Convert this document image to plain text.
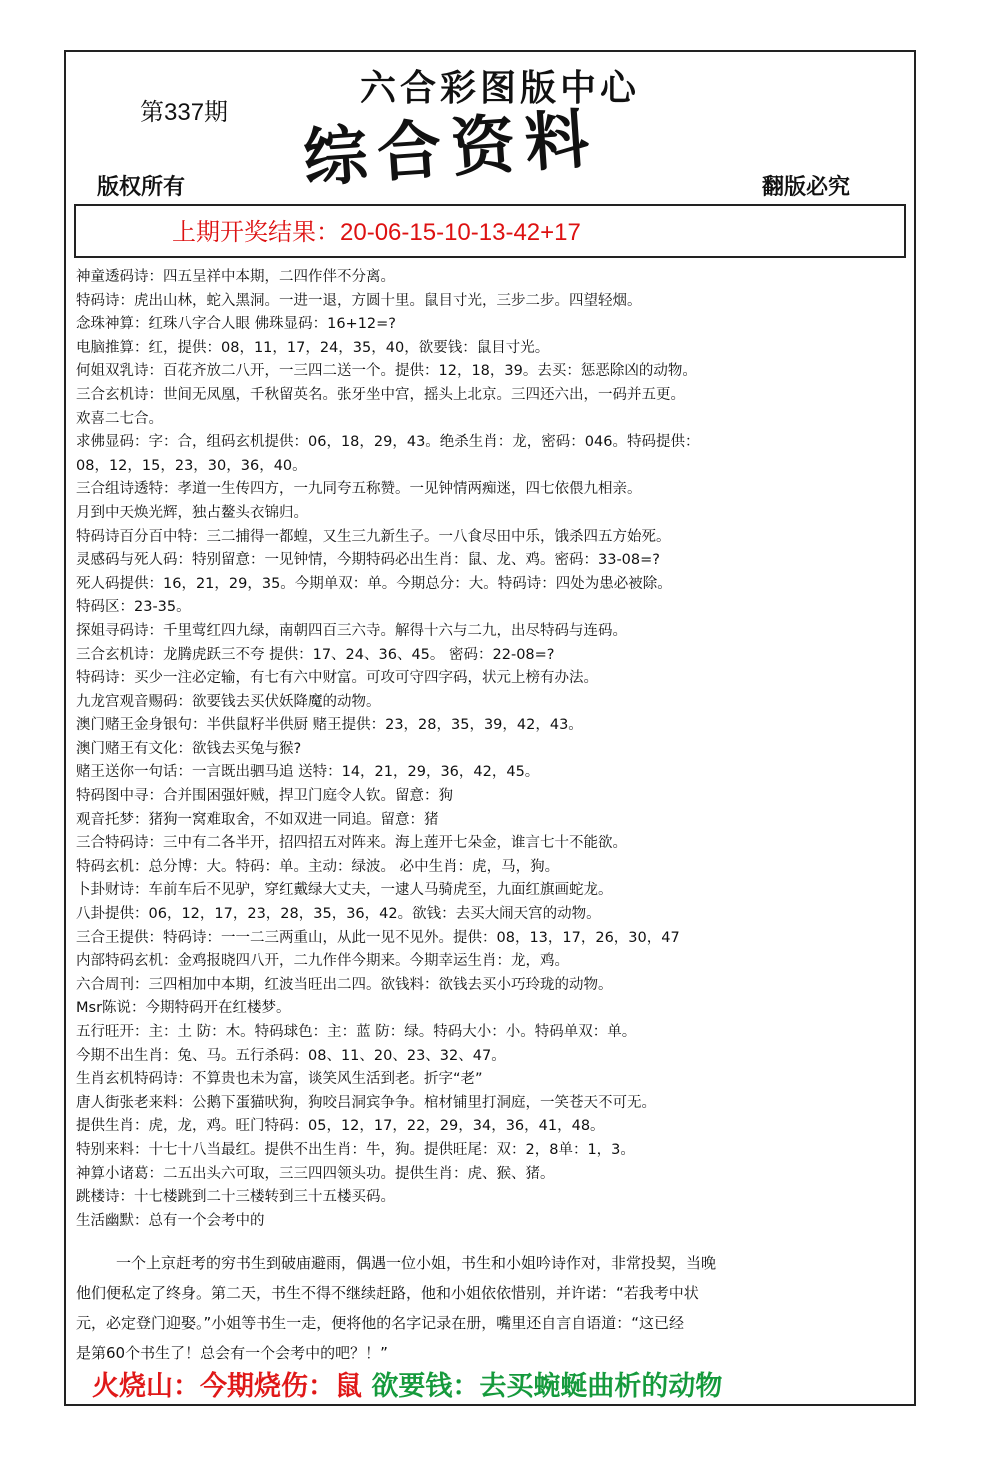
第337期
六合彩图版中心
综合资料
版权所有	翻版必究
上期开奖结果：20-06-15-10-13-42+17
神童透码诗：四五呈祥中本期，二四作伴不分离。
特码诗：虎出山林，蛇入黑洞。一进一退，方圆十里。鼠目寸光，三步二步。四望轻烟。
念珠神算：红珠八字合人眼 佛珠显码：16+12=?
电脑推算：红，提供：08，11，17，24，35，40，欲要钱：鼠目寸光。
何姐双乳诗：百花齐放二八开，一三四二送一个。提供：12，18，39。去买：惩恶除凶的动物。
三合玄机诗：世间无凤凰，千秋留英名。张牙坐中宫，摇头上北京。三四还六出，一码并五更。
欢喜二七合。
求佛显码：字：合，组码玄机提供：06，18，29，43。绝杀生肖：龙，密码：046。特码提供：
08，12，15，23，30，36，40。
三合组诗透特：孝道一生传四方，一九同夸五称赞。一见钟情两痴迷，四七依偎九相亲。
月到中天焕光辉，独占鳌头衣锦归。
特码诗百分百中特：三二捕得一都蝗，又生三九新生子。一八食尽田中乐，饿杀四五方始死。
灵感码与死人码：特别留意：一见钟情，今期特码必出生肖：鼠、龙、鸡。密码：33-08=?
死人码提供：16，21，29，35。今期单双：单。今期总分：大。特码诗：四处为患必被除。
特码区：23-35。
探姐寻码诗：千里莺红四九绿，南朝四百三六寺。解得十六与二九，出尽特码与连码。
三合玄机诗：龙腾虎跃三不夸 提供：17、24、36、45。 密码：22-08=?
特码诗：买少一注必定输，有七有六中财富。可攻可守四字码，状元上榜有办法。
九龙宫观音赐码：欲要钱去买伏妖降魔的动物。
澳门赌王金身银句：半供鼠籽半供厨 赌王提供：23，28，35，39，42，43。
澳门赌王有文化：欲钱去买兔与猴?
赌王送你一句话：一言既出驷马追 送特：14，21，29，36，42，45。
特码图中寻：合并围困强奸贼，捍卫门庭令人钦。留意：狗
观音托梦：猪狗一窝难取舍，不如双进一同追。留意：猪
三合特码诗：三中有二各半开，招四招五对阵来。海上莲开七朵金，谁言七十不能欲。
特码玄机：总分博：大。特码：单。主动：绿波。 必中生肖：虎，马，狗。
卜卦财诗：车前车后不见驴，穿红戴绿大丈夫，一逮人马骑虎至，九面红旗画蛇龙。
八卦提供：06，12，17，23，28，35，36，42。欲钱：去买大闹天宫的动物。
三合王提供：特码诗：一一二三两重山，从此一见不见外。提供：08，13，17，26，30，47
内部特码玄机：金鸡报晓四八开，二九作伴今期来。今期幸运生肖：龙，鸡。
六合周刊：三四相加中本期，红波当旺出二四。欲钱料：欲钱去买小巧玲珑的动物。
Msr陈说：今期特码开在红楼梦。
五行旺开：主：土 防：木。特码球色：主：蓝 防：绿。特码大小：小。特码单双：单。
今期不出生肖：兔、马。五行杀码：08、11、20、23、32、47。
生肖玄机特码诗：不算贵也未为富，谈笑风生活到老。折字“老”
唐人街张老来料：公鹅下蛋猫吠狗，狗咬吕洞宾争争。棺材铺里打洞庭，一笑苍天不可无。
提供生肖：虎，龙，鸡。旺门特码：05，12，17，22，29，34，36，41，48。
特别来料：十七十八当最红。提供不出生肖：牛，狗。提供旺尾：双：2，8单：1，3。
神算小诸葛：二五出头六可取，三三四四领头功。提供生肖：虎、猴、猪。
跳楼诗：十七楼跳到二十三楼转到三十五楼买码。
生活幽默：总有一个会考中的
一个上京赶考的穷书生到破庙避雨，偶遇一位小姐，书生和小姐吟诗作对，非常投契，当晚
他们便私定了终身。第二天，书生不得不继续赶路，他和小姐依依惜别，并许诺：“若我考中状
元，必定登门迎娶。”小姐等书生一走，便将他的名字记录在册，嘴里还自言自语道：“这已经
是第60个书生了！总会有一个会考中的吧？！”
火烧山：今期烧伤：鼠 欲要钱：去买蜿蜒曲析的动物
